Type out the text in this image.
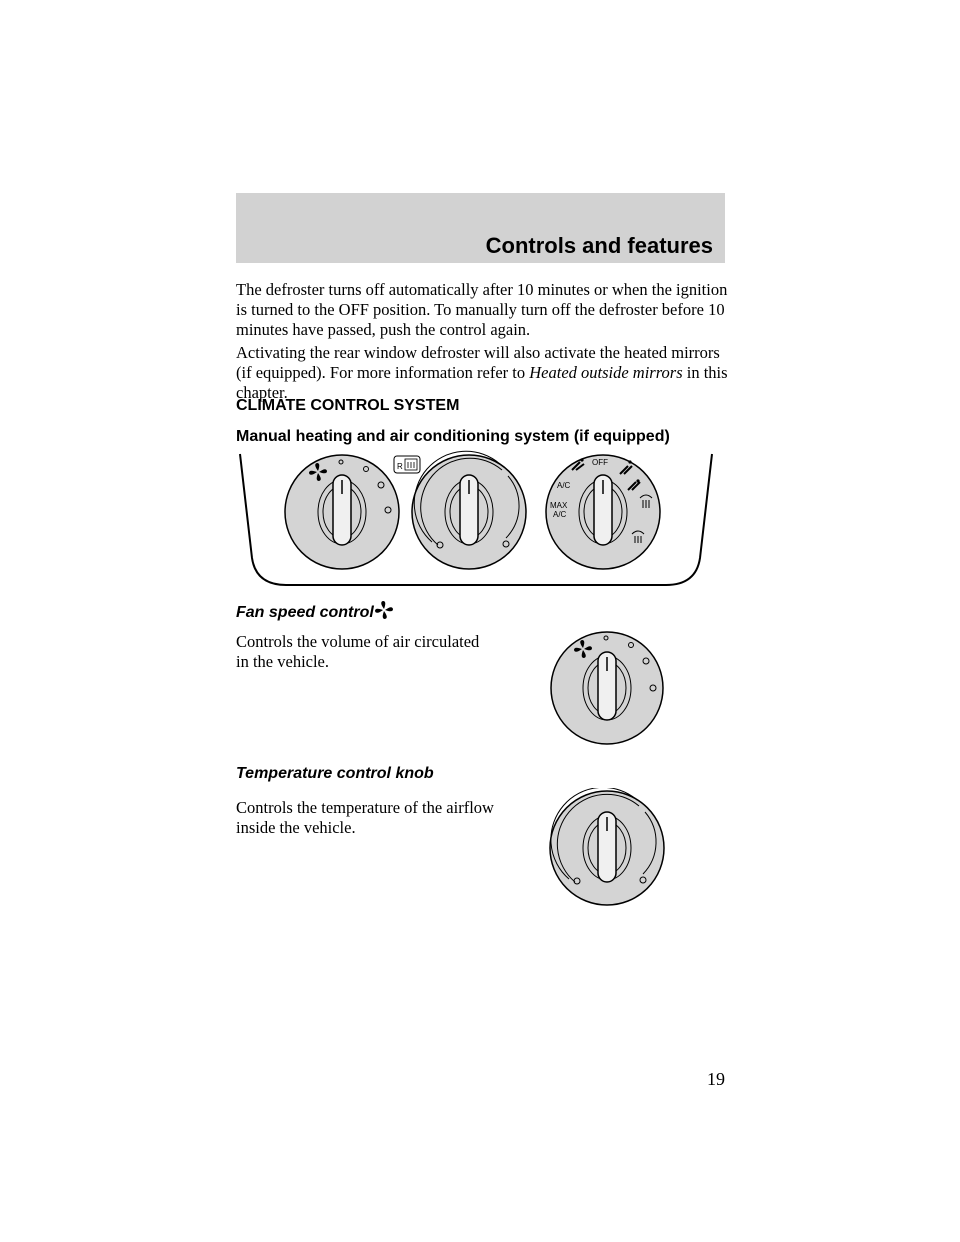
Controls and features

The defroster turns off automatically after 10 minutes or when the ignition is turned to the OFF position. To manually turn off the defroster before 10 minutes have passed, push the control again.

Activating the rear window defroster will also activate the heated mirrors (if equipped). For more information refer to Heated outside mirrors in this chapter.

CLIMATE CONTROL SYSTEM
Manual heating and air conditioning system (if equipped)
R	OFF
A/C
MAX
A/C
Fan speed control

Controls the volume of air circulated in the vehicle.

Temperature control knob

Controls the temperature of the airflow inside the vehicle.

19
